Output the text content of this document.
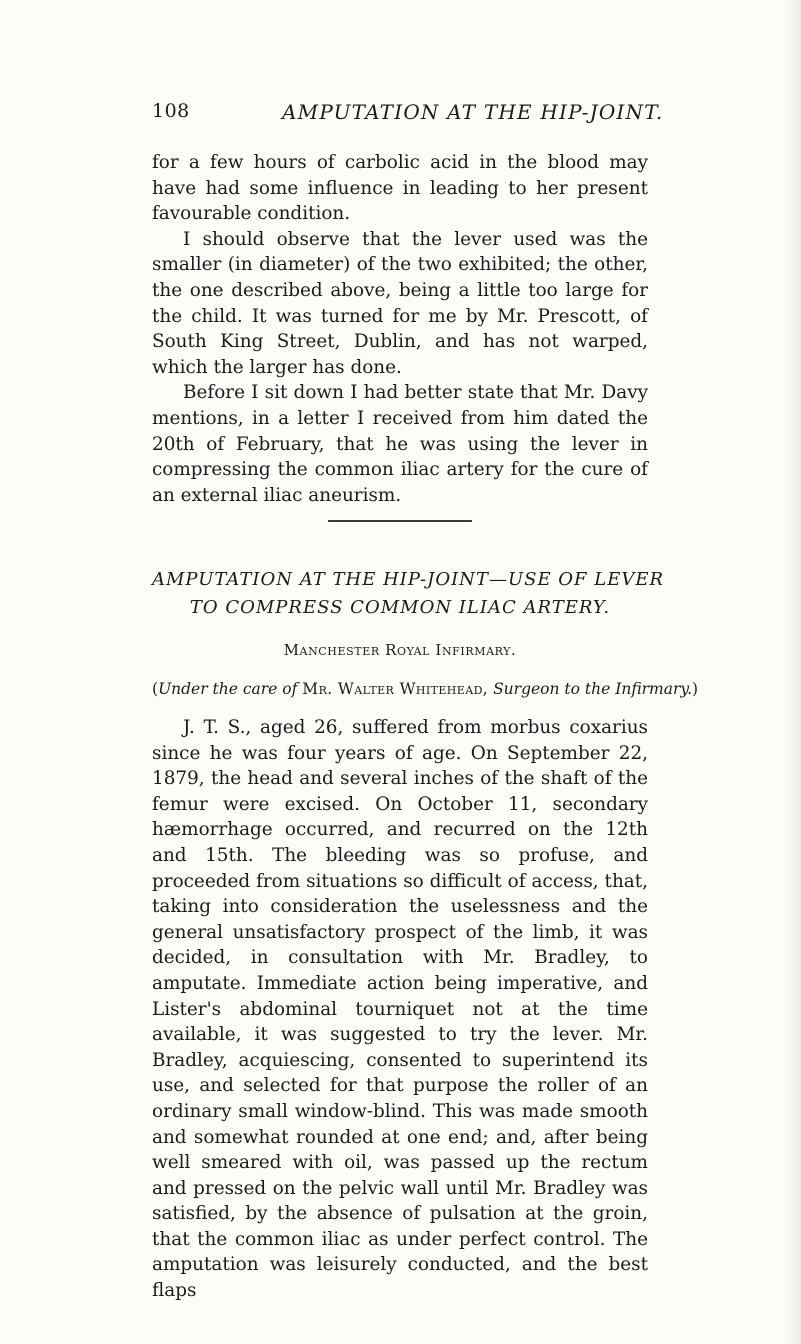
108	AMPUTATION AT THE HIP-JOINT.

for a few hours of carbolic acid in the blood may have had some influence in leading to her present favourable condition.

I should observe that the lever used was the smaller (in diameter) of the two exhibited; the other, the one described above, being a little too large for the child. It was turned for me by Mr. Prescott, of South King Street, Dublin, and has not warped, which the larger has done.

Before I sit down I had better state that Mr. Davy mentions, in a letter I received from him dated the 20th of February, that he was using the lever in compressing the common iliac artery for the cure of an external iliac aneurism.

AMPUTATION AT THE HIP-JOINT—USE OF LEVER
TO COMPRESS COMMON ILIAC ARTERY.
Manchester Royal Infirmary.
(Under the care of Mr. Walter Whitehead, Surgeon to the Infirmary.)

J. T. S., aged 26, suffered from morbus coxarius since he was four years of age. On September 22, 1879, the head and several inches of the shaft of the femur were excised. On October 11, secondary hæmorrhage occurred, and recurred on the 12th and 15th. The bleeding was so profuse, and proceeded from situations so difficult of access, that, taking into consideration the uselessness and the general unsatisfactory prospect of the limb, it was decided, in consultation with Mr. Bradley, to amputate. Immediate action being imperative, and Lister's abdominal tourniquet not at the time available, it was suggested to try the lever. Mr. Bradley, acquiescing, consented to superintend its use, and selected for that purpose the roller of an ordinary small window-blind. This was made smooth and somewhat rounded at one end; and, after being well smeared with oil, was passed up the rectum and pressed on the pelvic wall until Mr. Bradley was satisfied, by the absence of pulsation at the groin, that the common iliac as under perfect control. The amputation was leisurely conducted, and the best flaps
